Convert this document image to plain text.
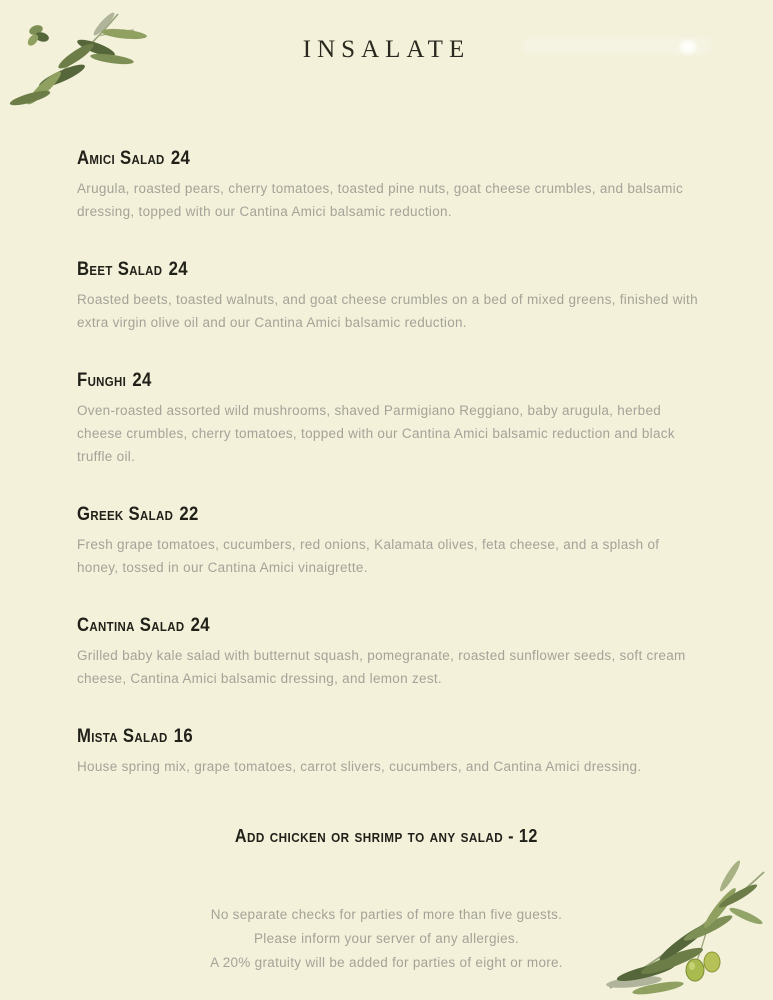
INSALATE
Amici Salad 24

Arugula, roasted pears, cherry tomatoes, toasted pine nuts, goat cheese crumbles, and balsamic dressing, topped with our Cantina Amici balsamic reduction.

Beet Salad 24

Roasted beets, toasted walnuts, and goat cheese crumbles on a bed of mixed greens, finished with extra virgin olive oil and our Cantina Amici balsamic reduction.

Funghi 24

Oven-roasted assorted wild mushrooms, shaved Parmigiano Reggiano, baby arugula, herbed cheese crumbles, cherry tomatoes, topped with our Cantina Amici balsamic reduction and black truffle oil.

Greek Salad 22

Fresh grape tomatoes, cucumbers, red onions, Kalamata olives, feta cheese, and a splash of honey, tossed in our Cantina Amici vinaigrette.

Cantina Salad 24

Grilled baby kale salad with butternut squash, pomegranate, roasted sunflower seeds, soft cream cheese, Cantina Amici balsamic dressing, and lemon zest.

Mista Salad 16

House spring mix, grape tomatoes, carrot slivers, cucumbers, and Cantina Amici dressing.

Add chicken or shrimp to any salad - 12
No separate checks for parties of more than five guests.
Please inform your server of any allergies.
A 20% gratuity will be added for parties of eight or more.
